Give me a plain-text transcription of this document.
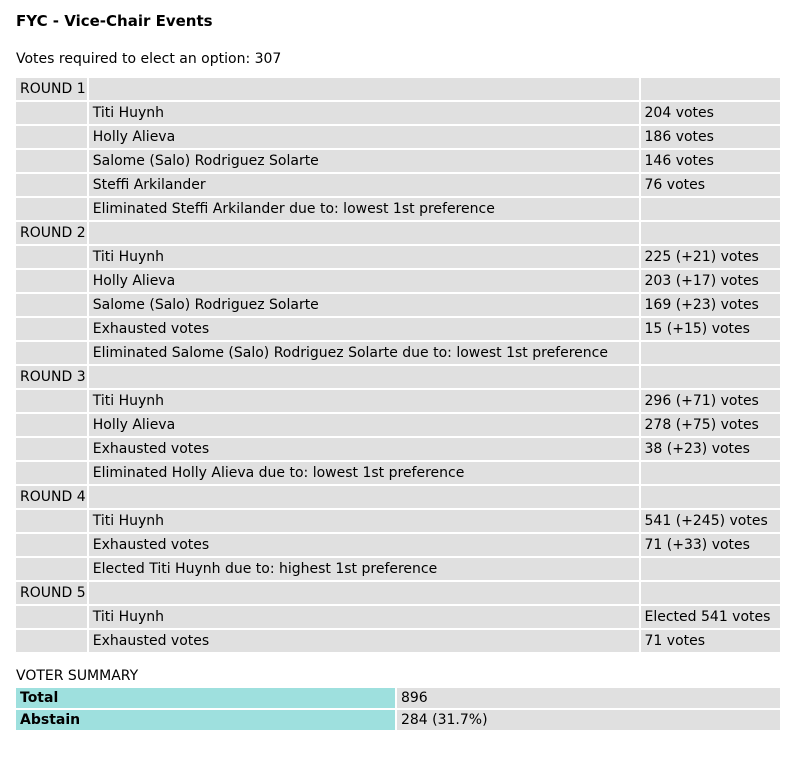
FYC - Vice-Chair Events
Votes required to elect an option: 307
ROUND 1		
	Titi Huynh	204 votes
	Holly Alieva	186 votes
	Salome (Salo) Rodriguez Solarte	146 votes
	Steffi Arkilander	76 votes
	Eliminated Steffi Arkilander due to: lowest 1st preference	
ROUND 2		
	Titi Huynh	225 (+21) votes
	Holly Alieva	203 (+17) votes
	Salome (Salo) Rodriguez Solarte	169 (+23) votes
	Exhausted votes	15 (+15) votes
	Eliminated Salome (Salo) Rodriguez Solarte due to: lowest 1st preference	
ROUND 3		
	Titi Huynh	296 (+71) votes
	Holly Alieva	278 (+75) votes
	Exhausted votes	38 (+23) votes
	Eliminated Holly Alieva due to: lowest 1st preference	
ROUND 4		
	Titi Huynh	541 (+245) votes
	Exhausted votes	71 (+33) votes
	Elected Titi Huynh due to: highest 1st preference	
ROUND 5		
	Titi Huynh	Elected 541 votes
	Exhausted votes	71 votes
VOTER SUMMARY
Total	896
Abstain	284 (31.7%)
